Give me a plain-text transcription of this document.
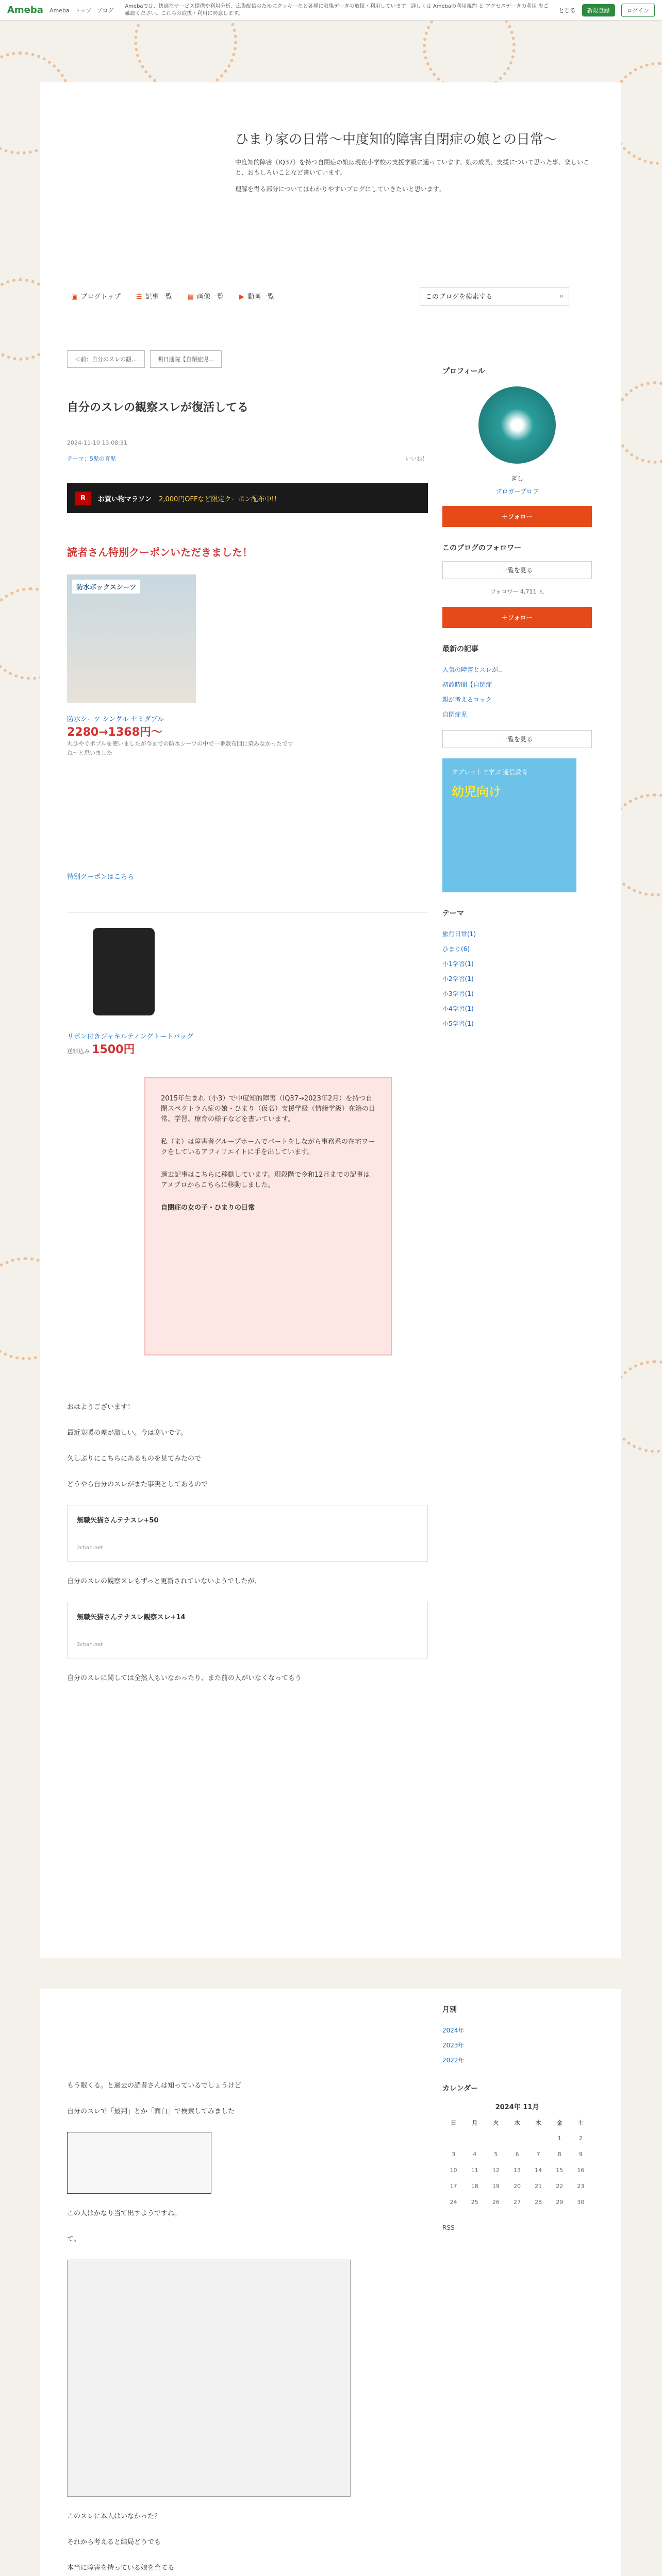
Ameba Ameba トップ ブログ
Amebaでは、快適なサービス提供や利用分析、広告配信のためにクッキーなど各種に収集データの取扱・利用しています。詳しくは Amebaの利用規約 と アクセスデータの利用 をご確認ください。これらの取扱・利用に同意します。	とじる	新規登録	ログイン
ひまり家の日常〜中度知的障害自閉症の娘との日常〜
中度知的障害（IQ37）を持つ自閉症の娘は現在小学校の支援学級に通っています。娘の成長、支援について思った事、楽しいこと、おもしろいことなど書いています。
理解を得る部分についてはわかりやすいブログにしていきたいと思います。
▣ ブログトップ ☰ 記事一覧 ▤ 画像一覧 ▶ 動画一覧	このブログを検索する	⌕
＜前：自分のスレの観...	明日通院【自閉症児...
自分のスレの観察スレが復活してる
2024-11-10 13:08:31
テーマ：5児の育児	いいね！
R	お買い物マラソン 2,000円OFFなど限定クーポン配布中!!
読者さん特別クーポンいただきました！
防水ボックスシーツ
防水シーツ シングル セミダブル
2280→1368円〜
丸ひやぐポブルを使いましたが今までの防水シーツの中で一番敷布団に染みなかったですね〜と思いました
特別クーポンはこちら
リボン付きジャキルティングトートバッグ
送料込み 1500円

2015年生まれ（小3）で中度知的障害（IQ37→2023年2月）を持つ自閉スペクトラム症の娘・ひまり（仮名）支援学級（情緒学級）在籍の日常、学習、療育の様子などを書いています。

私（ま）は障害者グループホームでパートをしながら事務系の在宅ワークをしているアフィリエイトに手を出しています。

過去記事はこちらに移動しています。現段階で令和12月までの記事はアメブロからこちらに移動しました。

自閉症の女の子・ひまりの日常

おはようございます！
最近寒暖の差が激しい。今は寒いです。
久しぶりにこちらにあるものを見てみたので
どうやら自分のスレがまた事実としてあるので
無職矢猫さんテナスレ+50
2chan.net
自分のスレの観察スレもずっと更新されていないようでしたが、
無職矢猫さんテナスレ観察スレ+14
2chan.net
自分のスレに関しては全然人もいなかったり、また前の人がいなくなってもう
プロフィール
ぎし
ブロガープロフ
＋フォロー
このブログのフォロワー
一覧を見る
フォロワー 4,711 人
＋フォロー
最新の記事
人気の障害とスレが..
初診時間【自閉症
親が考えるロック
自閉症児
一覧を見る
タブレットで学ぶ 通信教育
幼児向け
テーマ
旅行日常(1)
ひまり(6)
小1学習(1)
小2学習(1)
小3学習(1)
小4学習(1)
小5学習(1)
もう眠くる。と過去の読者さんは知っているでしょうけど
自分のスレで「最判」とか「面白」で検索してみました
この人はかなり当て出すようですね。
て。
このスレに本人はいなかった？
それから考えると結局どうでも
本当に障害を持っている娘を育てる
月別
2024年
2023年
2022年
カレンダー
2024年 11月
日	月	火	水	木	金	土
					1	2
3	4	5	6	7	8	9
10	11	12	13	14	15	16
17	18	19	20	21	22	23
24	25	26	27	28	29	30
RSS
